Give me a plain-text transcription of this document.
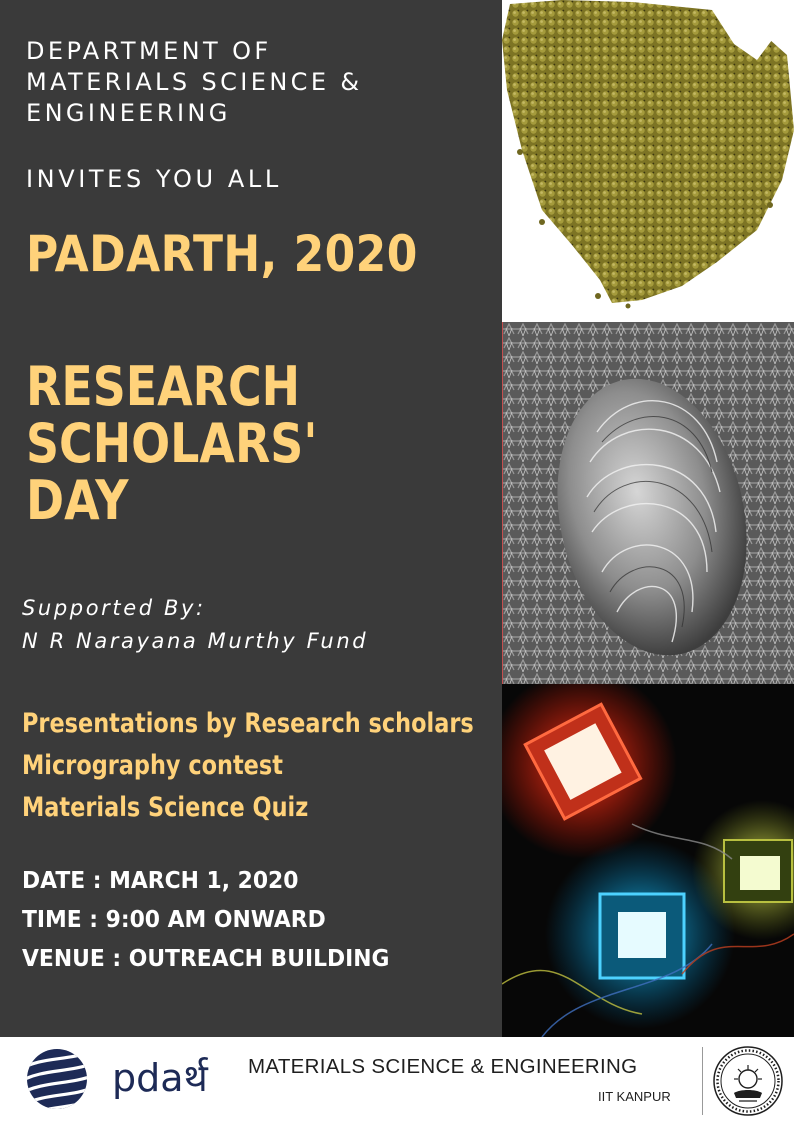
DEPARTMENT OF
MATERIALS SCIENCE &
ENGINEERING
INVITES YOU ALL
PADARTH, 2020
RESEARCH
SCHOLARS'
DAY
Supported By:
N R Narayana Murthy Fund
Presentations by Research scholars
Micrography contest
Materials Science Quiz
DATE : MARCH 1, 2020
TIME : 9:00 AM ONWARD
VENUE : OUTREACH BUILDING
pdaर्थ MATERIALS SCIENCE & ENGINEERING
IIT KANPUR
